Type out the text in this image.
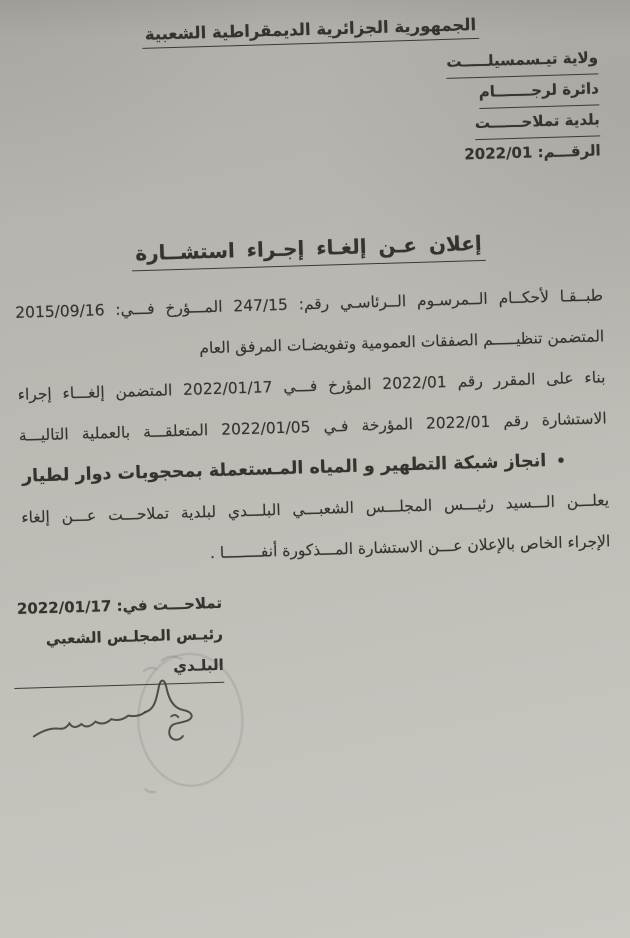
الجمهورية الجزائرية الديمقراطية الشعبية
ولاية تيـسمسيلـــــت
دائرة لرجـــــــام
بلدية تملاحــــــت
الرقـــم: 2022/01
إعلان عـن إلغـاء إجـراء استشــارة
طبــقـا لأحكــام الــمرسـوم الــرئاسـي رقم: 247/15 المـــؤرخ فـــي: 2015/09/16
المتضمن تنظيـــــم الصفقات العمومية وتفويضـات المرفق العام
بناء على المقرر رقم 2022/01 المؤرخ فـــي 2022/01/17 المتضمن إلغـــاء إجراء
الاستشارة رقم 2022/01 المؤرخة فـي 2022/01/05 المتعلقـــة بالعملية التاليـــة
•انجاز شبكة التطهير و المياه المـستعملة بمحجوبات دوار لطيار
يعلـــن الـــسيد رئيـــس المجلـــس الشعبـــي البلـــدي لبلدية تملاحـــت عـــن إلغاء
الإجراء الخاص بالإعلان عـــن الاستشارة المـــذكورة أنفــــــــا .
تملاحـــت في: 2022/01/17
رئيـس المجلـس الشعبي البلـدي
